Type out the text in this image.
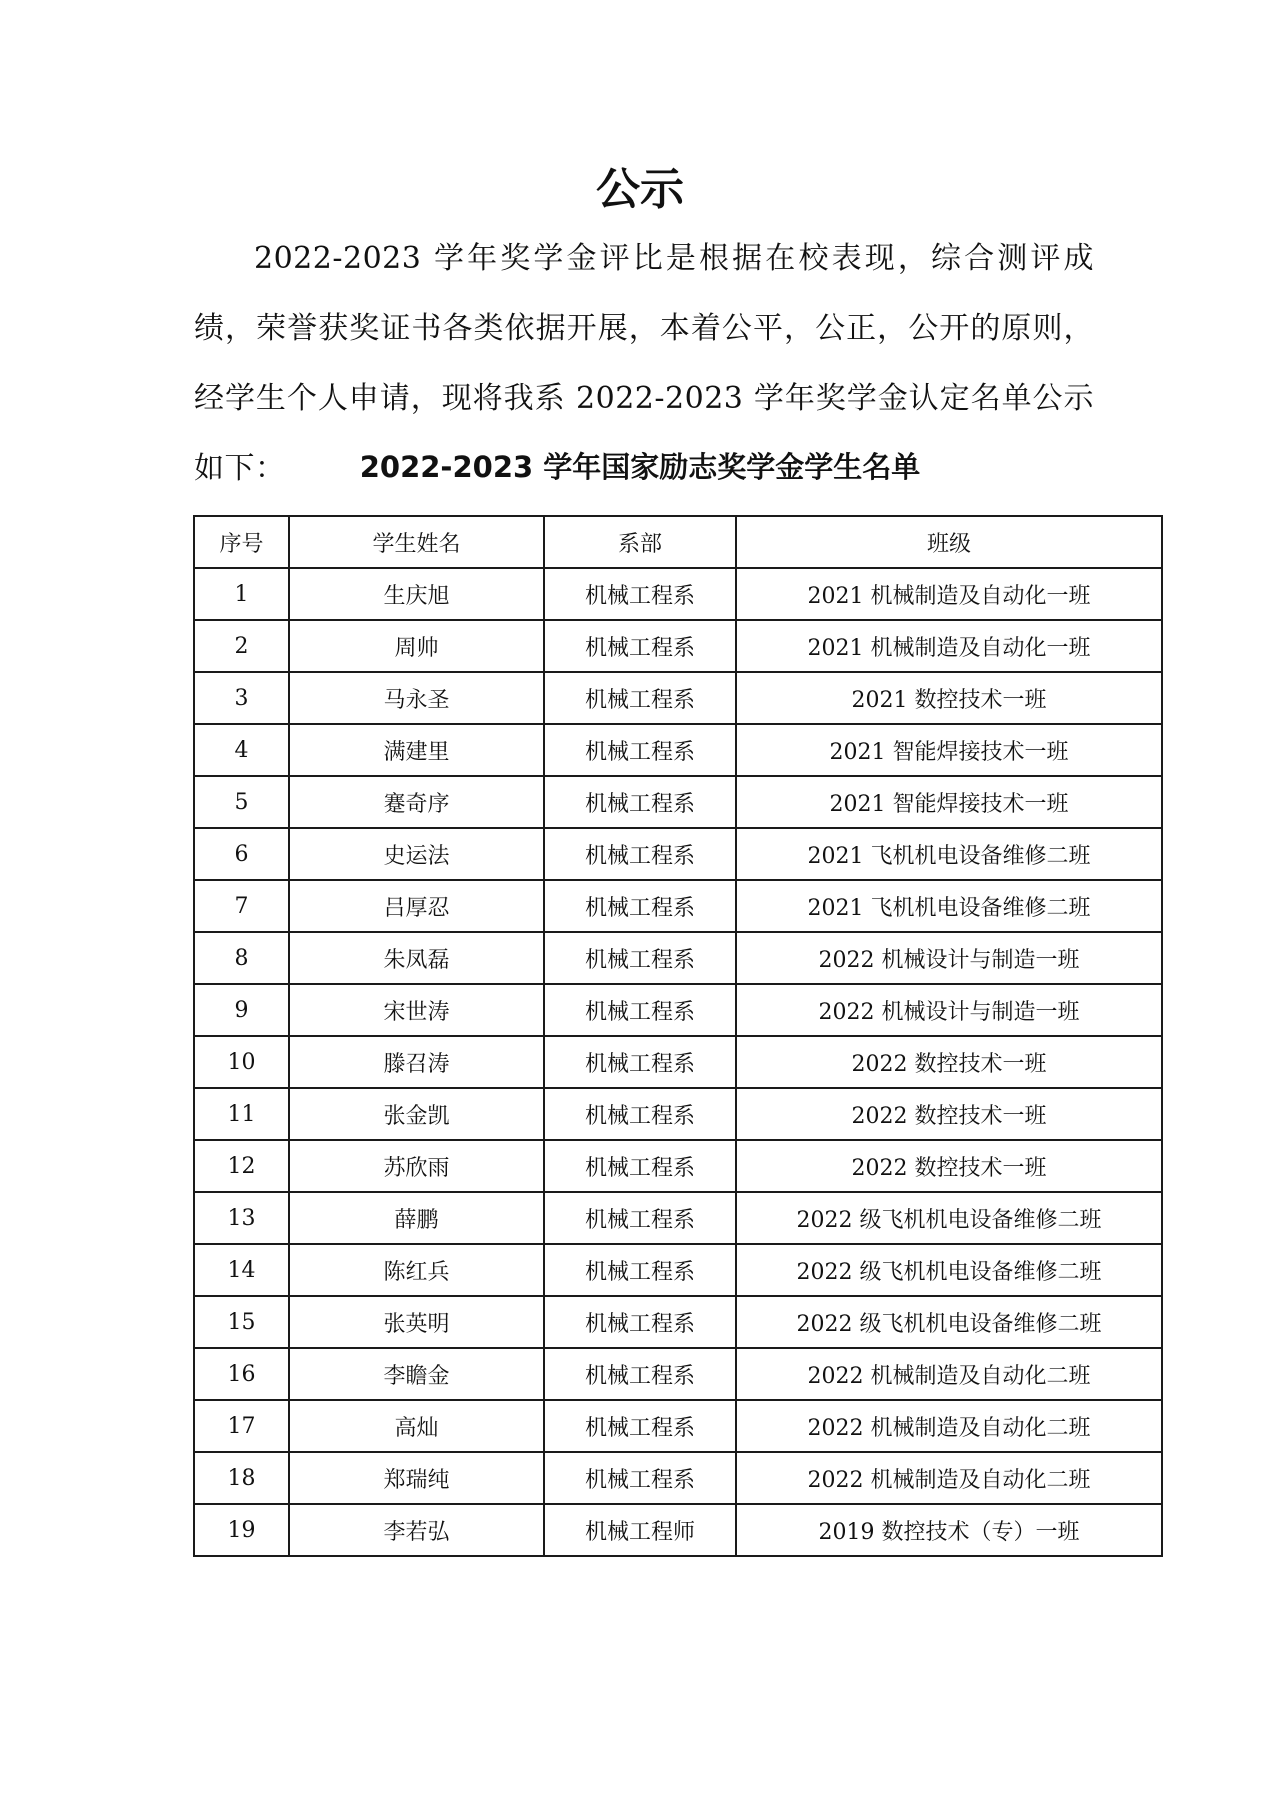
公示

2022-2023 学年奖学金评比是根据在校表现，综合测评成绩，荣誉获奖证书各类依据开展，本着公平，公正，公开的原则，经学生个人申请，现将我系 2022-2023 学年奖学金认定名单公示如下：	2022-2023 学年国家励志奖学金学生名单
序号	学生姓名	系部	班级
1	生庆旭	机械工程系	2021 机械制造及自动化一班
2	周帅	机械工程系	2021 机械制造及自动化一班
3	马永圣	机械工程系	2021 数控技术一班
4	满建里	机械工程系	2021 智能焊接技术一班
5	蹇奇序	机械工程系	2021 智能焊接技术一班
6	史运法	机械工程系	2021 飞机机电设备维修二班
7	吕厚忍	机械工程系	2021 飞机机电设备维修二班
8	朱凤磊	机械工程系	2022 机械设计与制造一班
9	宋世涛	机械工程系	2022 机械设计与制造一班
10	滕召涛	机械工程系	2022 数控技术一班
11	张金凯	机械工程系	2022 数控技术一班
12	苏欣雨	机械工程系	2022 数控技术一班
13	薛鹏	机械工程系	2022 级飞机机电设备维修二班
14	陈红兵	机械工程系	2022 级飞机机电设备维修二班
15	张英明	机械工程系	2022 级飞机机电设备维修二班
16	李瞻金	机械工程系	2022 机械制造及自动化二班
17	高灿	机械工程系	2022 机械制造及自动化二班
18	郑瑞纯	机械工程系	2022 机械制造及自动化二班
19	李若弘	机械工程师	2019 数控技术（专）一班
